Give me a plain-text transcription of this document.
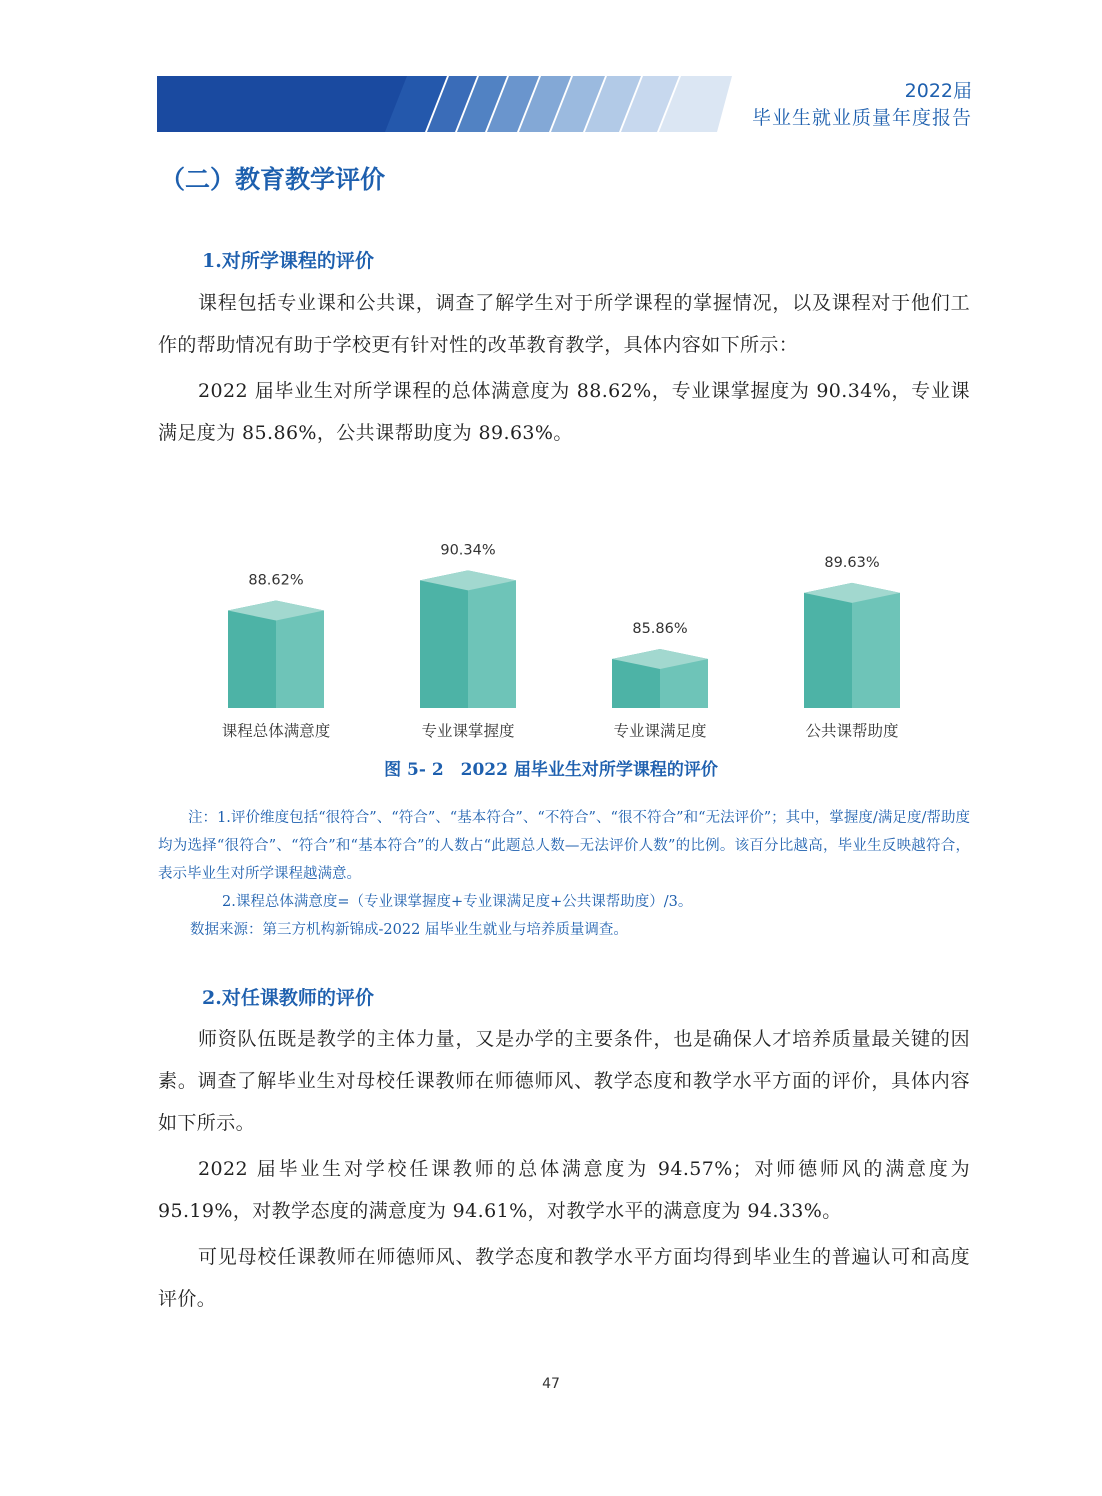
2022届
毕业生就业质量年度报告
（二）教育教学评价
1.对所学课程的评价
课程包括专业课和公共课，调查了解学生对于所学课程的掌握情况，以及课程对于他们工作的帮助情况有助于学校更有针对性的改革教育教学，具体内容如下所示：
2022 届毕业生对所学课程的总体满意度为 88.62%，专业课掌握度为 90.34%，专业课满足度为 85.86%，公共课帮助度为 89.63%。
88.62%
课程总体满意度
90.34%
专业课掌握度
85.86%
专业课满足度
89.63%
公共课帮助度
图 5- 2　2022 届毕业生对所学课程的评价

注：1.评价维度包括“很符合”、“符合”、“基本符合”、“不符合”、“很不符合”和“无法评价”；其中，掌握度/满足度/帮助度均为选择“很符合”、“符合”和“基本符合”的人数占“此题总人数—无法评价人数”的比例。该百分比越高，毕业生反映越符合，表示毕业生对所学课程越满意。

2.课程总体满意度=（专业课掌握度+专业课满足度+公共课帮助度）/3。

数据来源：第三方机构新锦成-2022 届毕业生就业与培养质量调查。

2.对任课教师的评价
师资队伍既是教学的主体力量，又是办学的主要条件，也是确保人才培养质量最关键的因素。调查了解毕业生对母校任课教师在师德师风、教学态度和教学水平方面的评价，具体内容如下所示。
2022 届毕业生对学校任课教师的总体满意度为 94.57%；对师德师风的满意度为 95.19%，对教学态度的满意度为 94.61%，对教学水平的满意度为 94.33%。
可见母校任课教师在师德师风、教学态度和教学水平方面均得到毕业生的普遍认可和高度评价。
47
